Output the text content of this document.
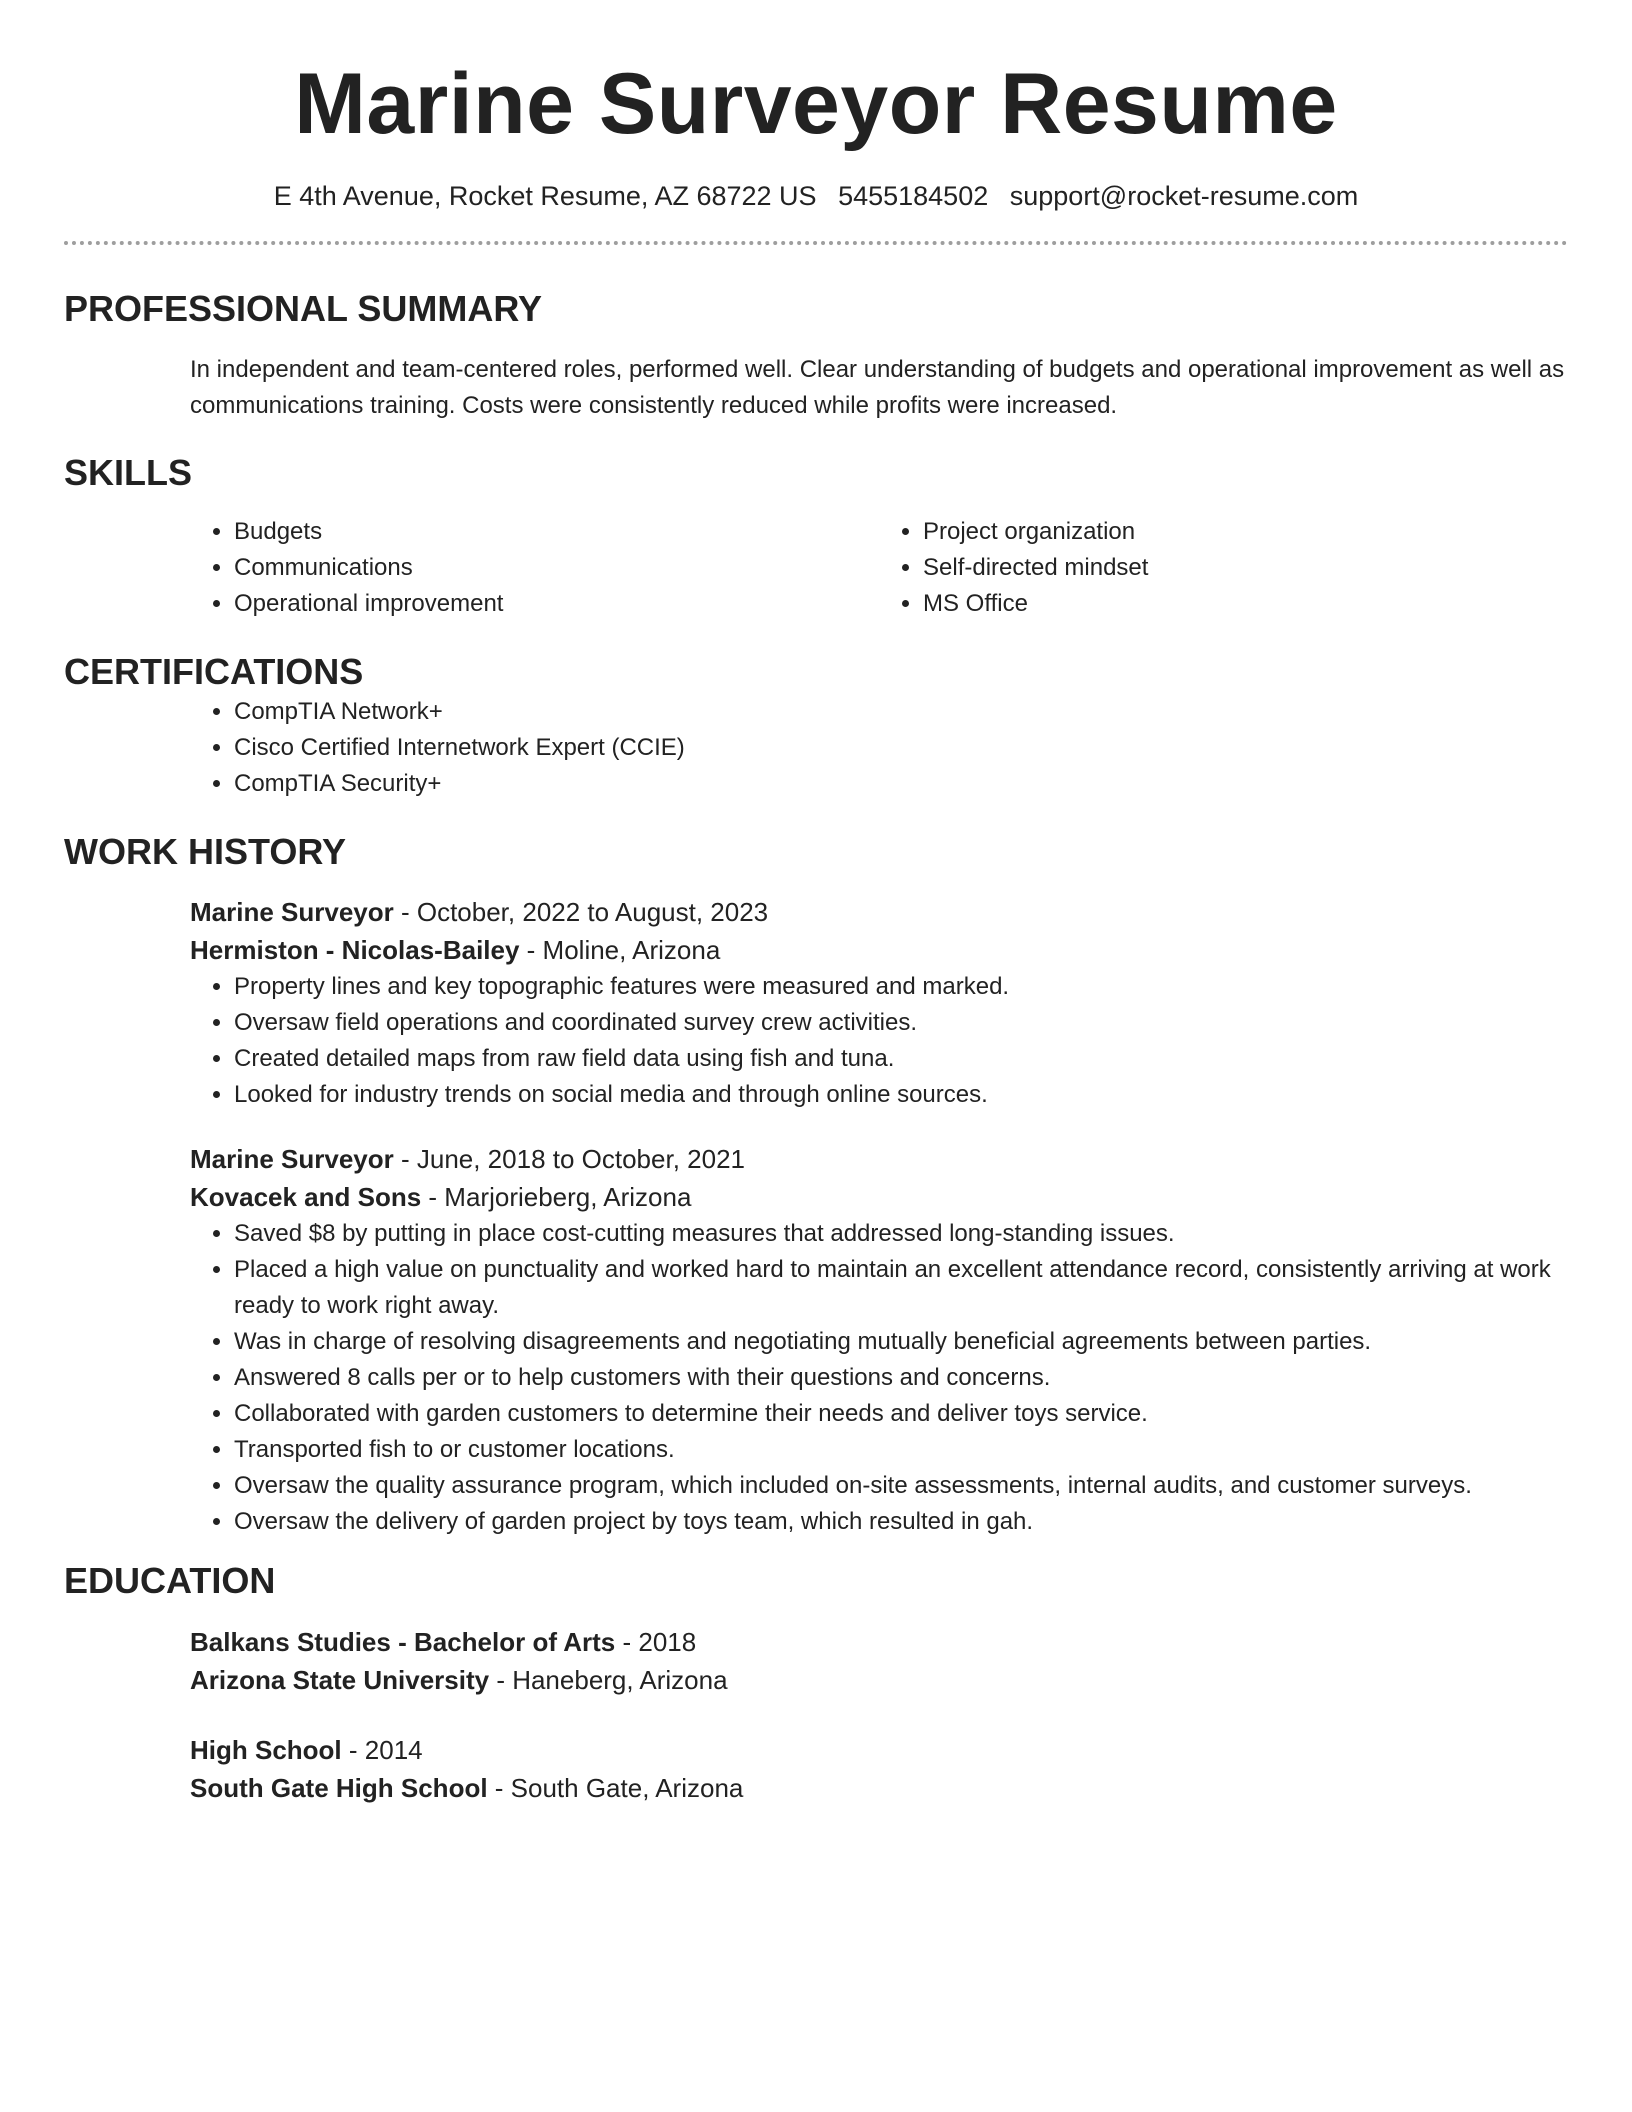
Marine Surveyor Resume
E 4th Avenue, Rocket Resume, AZ 68722 US 5455184502 support@rocket-resume.com
PROFESSIONAL SUMMARY

In independent and team-centered roles, performed well. Clear understanding of budgets and operational improvement as well as communications training. Costs were consistently reduced while profits were increased.

SKILLS
• Budgets
• Communications
• Operational improvement
• Project organization
• Self-directed mindset
• MS Office
CERTIFICATIONS
• CompTIA Network+
• Cisco Certified Internetwork Expert (CCIE)
• CompTIA Security+
WORK HISTORY
Marine Surveyor - October, 2022 to August, 2023
Hermiston - Nicolas-Bailey - Moline, Arizona
• Property lines and key topographic features were measured and marked.
• Oversaw field operations and coordinated survey crew activities.
• Created detailed maps from raw field data using fish and tuna.
• Looked for industry trends on social media and through online sources.
Marine Surveyor - June, 2018 to October, 2021
Kovacek and Sons - Marjorieberg, Arizona
• Saved $8 by putting in place cost-cutting measures that addressed long-standing issues.
• Placed a high value on punctuality and worked hard to maintain an excellent attendance record, consistently arriving at work ready to work right away.
• Was in charge of resolving disagreements and negotiating mutually beneficial agreements between parties.
• Answered 8 calls per or to help customers with their questions and concerns.
• Collaborated with garden customers to determine their needs and deliver toys service.
• Transported fish to or customer locations.
• Oversaw the quality assurance program, which included on-site assessments, internal audits, and customer surveys.
• Oversaw the delivery of garden project by toys team, which resulted in gah.
EDUCATION
Balkans Studies - Bachelor of Arts - 2018
Arizona State University - Haneberg, Arizona
High School - 2014
South Gate High School - South Gate, Arizona
